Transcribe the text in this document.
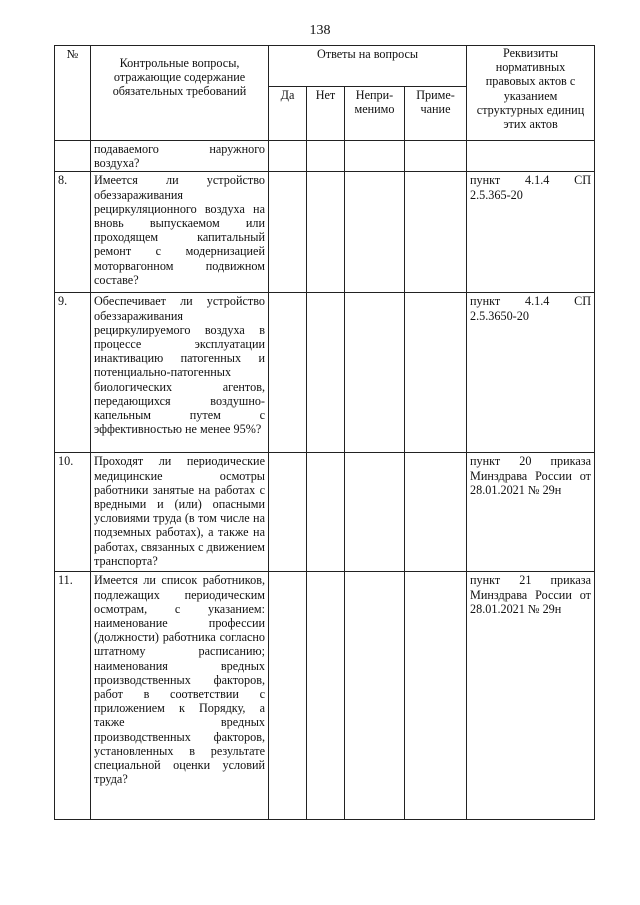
138
№	Контрольные вопросы, отражающие содержание обязательных требований	Ответы на вопросы				Реквизиты нормативных правовых актов с указанием структурных единиц этих актов
		Да	Нет	Непри-менимо	Приме-чание	
	подаваемого наружного воздуха?					
8.	Имеется ли устройство обеззараживания рециркуляционного воздуха на вновь выпускаемом или проходящем капитальный ремонт с модернизацией моторвагонном подвижном составе?					пункт 4.1.4 СП 2.5.365-20
9.	Обеспечивает ли устройство обеззараживания рециркулируемого воздуха в процессе эксплуатации инактивацию патогенных и потенциально-патогенных биологических агентов, передающихся воздушно-капельным путем с эффективностью не менее 95%?					пункт 4.1.4 СП 2.5.3650-20
10.	Проходят ли периодические медицинские осмотры работники занятые на работах с вредными и (или) опасными условиями труда (в том числе на подземных работах), а также на работах, связанных с движением транспорта?					пункт 20 приказа Минздрава России от 28.01.2021 № 29н
11.	Имеется ли список работников, подлежащих периодическим осмотрам, с указанием: наименование профессии (должности) работника согласно штатному расписанию; наименования вредных производственных факторов, работ в соответствии с приложением к Порядку, а также вредных производственных факторов, установленных в результате специальной оценки условий труда?					пункт 21 приказа Минздрава России от 28.01.2021 № 29н
